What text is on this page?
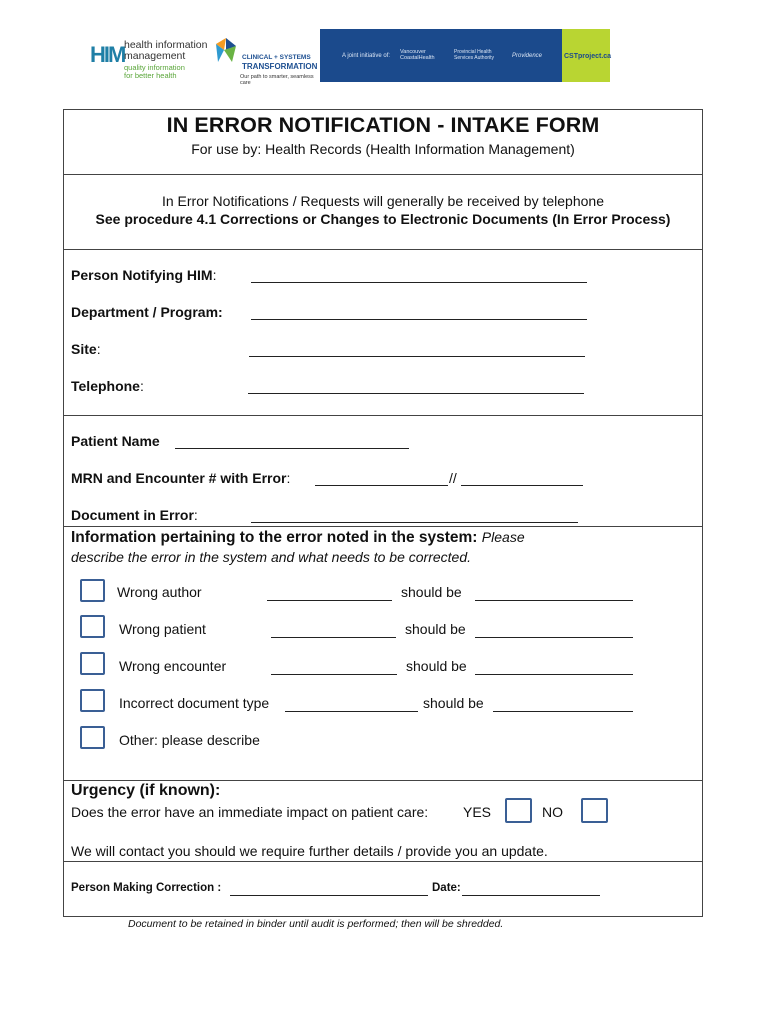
HIM health information
management
quality information
for better health
CLINICAL + SYSTEMS
TRANSFORMATION
Our path to smarter, seamless care
A joint initiative of:
Vancouver CoastalHealth
Provincial Health Services Authority	Providence	CSTproject.ca
IN ERROR NOTIFICATION - INTAKE FORM
For use by: Health Records (Health Information Management)
In Error Notifications / Requests will generally be received by telephone
See procedure 4.1 Corrections or Changes to Electronic Documents (In Error Process)
Person Notifying HIM:
Department / Program:
Site:
Telephone:
Patient Name
MRN and Encounter # with Error:	//
Document in Error:
Information pertaining to the error noted in the system: Please
describe the error in the system and what needs to be corrected.
Wrong author	should be
Wrong patient	should be
Wrong encounter	should be
Incorrect document type	should be
Other: please describe
Urgency (if known):
Does the error have an immediate impact on patient care: YES	NO
We will contact you should we require further details / provide you an update.
Person Making Correction :	Date:
Document to be retained in binder until audit is performed; then will be shredded.
